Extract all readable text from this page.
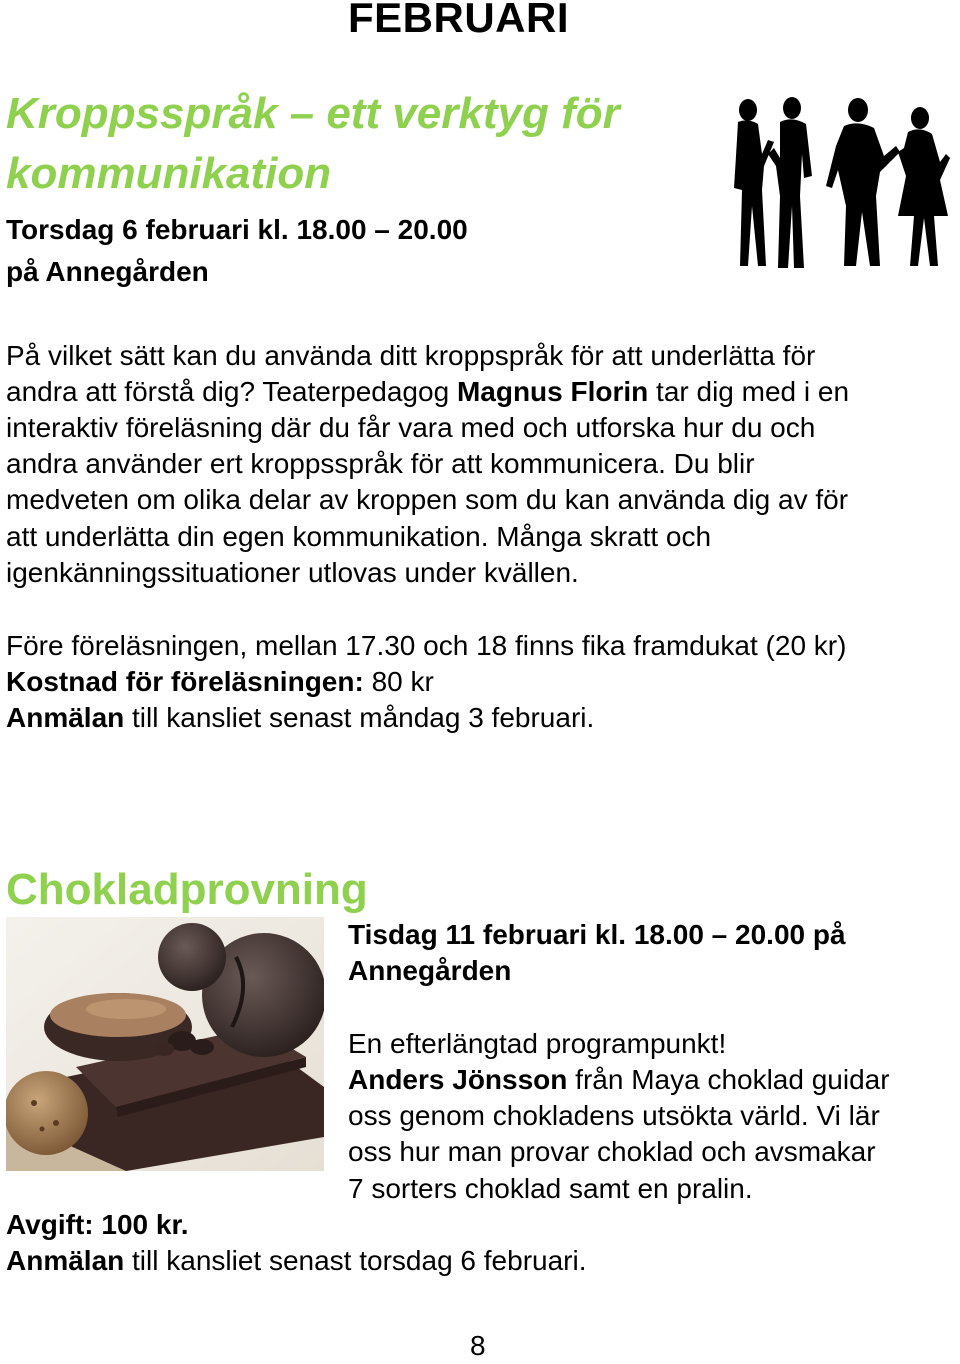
FEBRUARI
Kroppsspråk – ett verktyg för
kommunikation
Torsdag 6 februari kl. 18.00 – 20.00
på Annegården
På vilket sätt kan du använda ditt kroppspråk för att underlätta för
andra att förstå dig? Teaterpedagog Magnus Florin tar dig med i en
interaktiv föreläsning där du får vara med och utforska hur du och
andra använder ert kroppsspråk för att kommunicera. Du blir
medveten om olika delar av kroppen som du kan använda dig av för
att underlätta din egen kommunikation. Många skratt och
igenkänningssituationer utlovas under kvällen.
Före föreläsningen, mellan 17.30 och 18 finns fika framdukat (20 kr)
Kostnad för föreläsningen: 80 kr
Anmälan till kansliet senast måndag 3 februari.
Chokladprovning
Tisdag 11 februari kl. 18.00 – 20.00 på
Annegården
En efterlängtad programpunkt!
Anders Jönsson från Maya choklad guidar
oss genom chokladens utsökta värld. Vi lär
oss hur man provar choklad och avsmakar
7 sorters choklad samt en pralin.
Avgift: 100 kr.
Anmälan till kansliet senast torsdag 6 februari.
8
